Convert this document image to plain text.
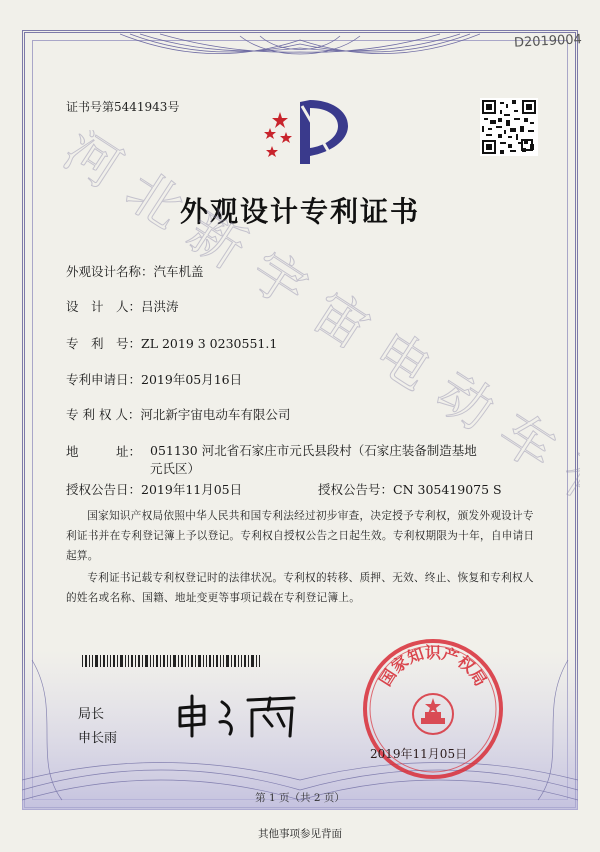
D2019004
证书号第5441943号
外观设计专利证书
外观设计名称：汽车机盖
设　计　人：吕洪涛
专　利　号：ZL 2019 3 0230551.1
专利申请日：2019年05月16日
专 利 权 人：河北新宇宙电动车有限公司
地　　　址： 051130 河北省石家庄市元氏县段村（石家庄装备制造基地元氏区）
授权公告日：2019年11月05日	授权公告号：CN 305419075 S
国家知识产权局依照中华人民共和国专利法经过初步审查，决定授予专利权，颁发外观设计专利证书并在专利登记簿上予以登记。专利权自授权公告之日起生效。专利权期限为十年，自申请日起算。
专利证书记载专利权登记时的法律状况。专利权的转移、质押、无效、终止、恢复和专利权人的姓名或名称、国籍、地址变更等事项记载在专利登记簿上。
局长
申长雨
国家知识产权局
2019年11月05日
第 1 页（共 2 页）
其他事项参见背面
